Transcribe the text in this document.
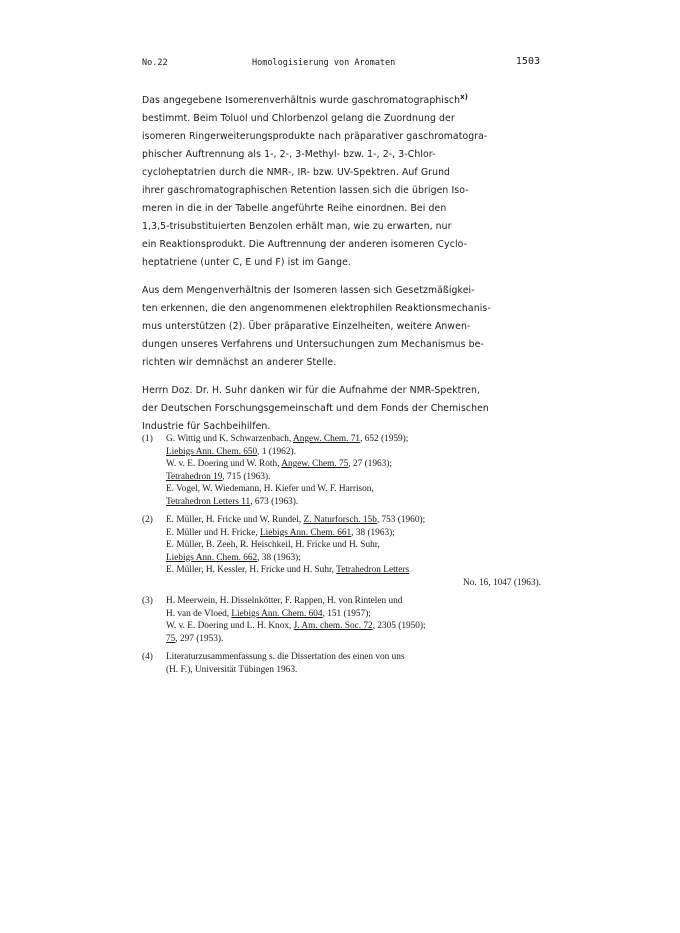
No.22	Homologisierung von Aromaten	1503

Das angegebene Isomerenverhältnis wurde gaschromatographisch$^{x)}$
bestimmt. Beim Toluol und Chlorbenzol gelang die Zuordnung der
isomeren Ringerweiterungsprodukte nach präparativer gaschromatogra-
phischer Auftrennung als 1-, 2-, 3-Methyl- bzw. 1-, 2-, 3-Chlor-
cycloheptatrien durch die NMR-, IR- bzw. UV-Spektren. Auf Grund
ihrer gaschromatographischen Retention lassen sich die übrigen Iso-
meren in die in der Tabelle angeführte Reihe einordnen. Bei den
1,3,5-trisubstituierten Benzolen erhält man, wie zu erwarten, nur
ein Reaktionsprodukt. Die Auftrennung der anderen isomeren Cyclo-
heptatriene (unter C, E und F) ist im Gange.

Aus dem Mengenverhältnis der Isomeren lassen sich Gesetzmäßigkei-
ten erkennen, die den angenommenen elektrophilen Reaktionsmechanis-
mus unterstützen (2). Über präparative Einzelheiten, weitere Anwen-
dungen unseres Verfahrens und Untersuchungen zum Mechanismus be-
richten wir demnächst an anderer Stelle.

Herrn Doz. Dr. H. Suhr danken wir für die Aufnahme der NMR-Spektren,
der Deutschen Forschungsgemeinschaft und dem Fonds der Chemischen
Industrie für Sachbeihilfen.

(1) G. Wittig und K. Schwarzenbach, Angew. Chem. 71, 652 (1959);
Liebigs Ann. Chem. 650, 1 (1962).
W. v. E. Doering und W. Roth, Angew. Chem. 75, 27 (1963);
Tetrahedron 19, 715 (1963).
E. Vogel, W. Wiedemann, H. Kiefer und W. F. Harrison,
Tetrahedron Letters 11, 673 (1963).
(2) E. Müller, H. Fricke und W. Rundel, Z. Naturforsch. 15b, 753 (1960);
E. Müller und H. Fricke, Liebigs Ann. Chem. 661, 38 (1963);
E. Müller, B. Zeeh, R. Heischkeil, H. Fricke und H. Suhr,
Liebigs Ann. Chem. 662, 38 (1963);
E. Müller, H. Kessler, H. Fricke und H. Suhr, Tetrahedron Letters
No. 16, 1047 (1963).
(3) H. Meerwein, H. Disselnkötter, F. Rappen, H. von Rintelen und
H. van de Vloed, Liebigs Ann. Chem. 604, 151 (1957);
W. v. E. Doering und L. H. Knox, J. Am. chem. Soc. 72, 2305 (1950);
75, 297 (1953).
(4) Literaturzusammenfassung s. die Dissertation des einen von uns
(H. F.), Universität Tübingen 1963.
